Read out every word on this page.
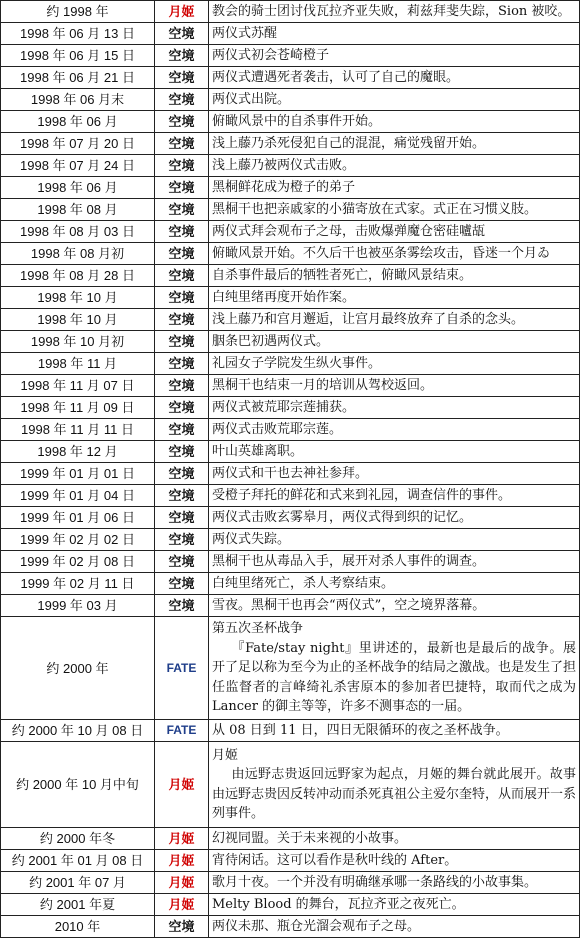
约 1998 年	月姬	教会的骑士团讨伐瓦拉齐亚失败，莉兹拜斐失踪，Sion 被咬。
1998 年 06 月 13 日	空境	两仪式苏醒
1998 年 06 月 15 日	空境	两仪式初会苍崎橙子
1998 年 06 月 21 日	空境	两仪式遭遇死者袭击，认可了自己的魔眼。
1998 年 06 月末	空境	两仪式出院。
1998 年 06 月	空境	俯瞰风景中的自杀事件开始。
1998 年 07 月 20 日	空境	浅上藤乃杀死侵犯自己的混混，痛觉残留开始。
1998 年 07 月 24 日	空境	浅上藤乃被两仪式击败。
1998 年 06 月	空境	黑桐鲜花成为橙子的弟子
1998 年 08 月	空境	黑桐干也把亲戚家的小猫寄放在式家。式正在习惯义肢。
1998 年 08 月 03 日	空境	两仪式拜会观布子之母，击败爆弹魔仓密硅嚧瓳
1998 年 08 月初	空境	俯瞰风景开始。不久后干也被巫条雾绘攻击，昏迷一个月ゐ
1998 年 08 月 28 日	空境	自杀事件最后的牺牲者死亡，俯瞰风景结束。
1998 年 10 月	空境	白纯里绪再度开始作案。
1998 年 10 月	空境	浅上藤乃和宫月邂逅，让宫月最终放弃了自杀的念头。
1998 年 10 月初	空境	胭条巴初遇两仪式。
1998 年 11 月	空境	礼园女子学院发生纵火事件。
1998 年 11 月 07 日	空境	黑桐干也结束一月的培训从驾校返回。
1998 年 11 月 09 日	空境	两仪式被荒耶宗莲捕获。
1998 年 11 月 11 日	空境	两仪式击败荒耶宗莲。
1998 年 12 月	空境	叶山英雄离职。
1999 年 01 月 01 日	空境	两仪式和干也去神社参拜。
1999 年 01 月 04 日	空境	受橙子拜托的鲜花和式来到礼园，调查信件的事件。
1999 年 01 月 06 日	空境	两仪式击败玄雾皋月，两仪式得到织的记忆。
1999 年 02 月 02 日	空境	两仪式失踪。
1999 年 02 月 08 日	空境	黑桐干也从毒品入手，展开对杀人事件的调查。
1999 年 02 月 11 日	空境	白纯里绪死亡，杀人考察结束。
1999 年 03 月	空境	雪夜。黑桐干也再会“两仪式”，空之境界落幕。
约 2000 年	FATE	第五次圣杯战争
『Fate/stay night』里讲述的，最新也是最后的战争。展开了足以称为至今为止的圣杯战争的结局之激战。也是发生了担任监督者的言峰绮礼杀害原本的参加者巴捷特，取而代之成为 Lancer 的御主等等，许多不测事态的一届。

约 2000 年 10 月 08 日	FATE	从 08 日到 11 日，四日无限循环的夜之圣杯战争。
约 2000 年 10 月中旬	月姬	月姬
由远野志贵返回远野家为起点，月姬的舞台就此展开。故事由远野志贵因反转冲动而杀死真祖公主爱尔奎特，从而展开一系列事件。

约 2000 年冬	月姬	幻视同盟。关于未来视的小故事。
约 2001 年 01 月 08 日	月姬	宵待闲话。这可以看作是秋叶线的 After。
约 2001 年 07 月	月姬	歌月十夜。一个并没有明确继承哪一条路线的小故事集。
约 2001 年夏	月姬	Melty Blood 的舞台，瓦拉齐亚之夜死亡。
2010 年	空境	两仪未那、瓶仓光溜会观布子之母。
